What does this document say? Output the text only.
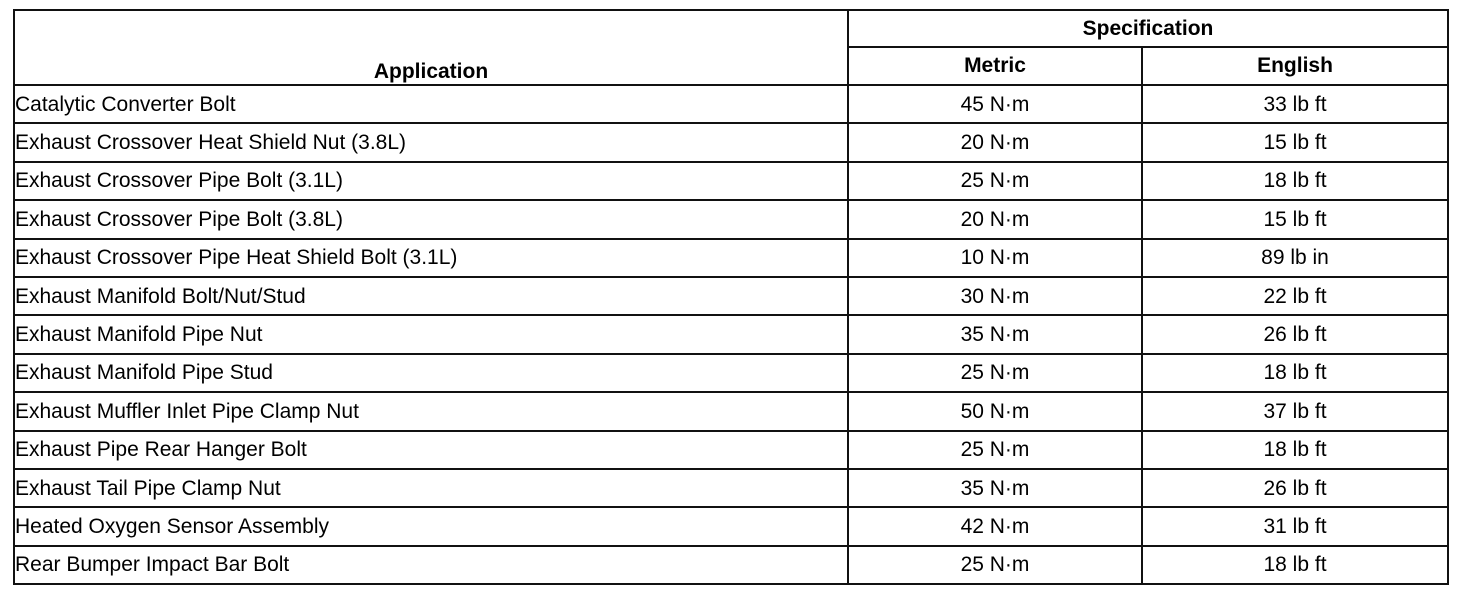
Application	Specification	
	Metric	English
Catalytic Converter Bolt	45 N·m	33 lb ft
Exhaust Crossover Heat Shield Nut (3.8L)	20 N·m	15 lb ft
Exhaust Crossover Pipe Bolt (3.1L)	25 N·m	18 lb ft
Exhaust Crossover Pipe Bolt (3.8L)	20 N·m	15 lb ft
Exhaust Crossover Pipe Heat Shield Bolt (3.1L)	10 N·m	89 lb in
Exhaust Manifold Bolt/Nut/Stud	30 N·m	22 lb ft
Exhaust Manifold Pipe Nut	35 N·m	26 lb ft
Exhaust Manifold Pipe Stud	25 N·m	18 lb ft
Exhaust Muffler Inlet Pipe Clamp Nut	50 N·m	37 lb ft
Exhaust Pipe Rear Hanger Bolt	25 N·m	18 lb ft
Exhaust Tail Pipe Clamp Nut	35 N·m	26 lb ft
Heated Oxygen Sensor Assembly	42 N·m	31 lb ft
Rear Bumper Impact Bar Bolt	25 N·m	18 lb ft
